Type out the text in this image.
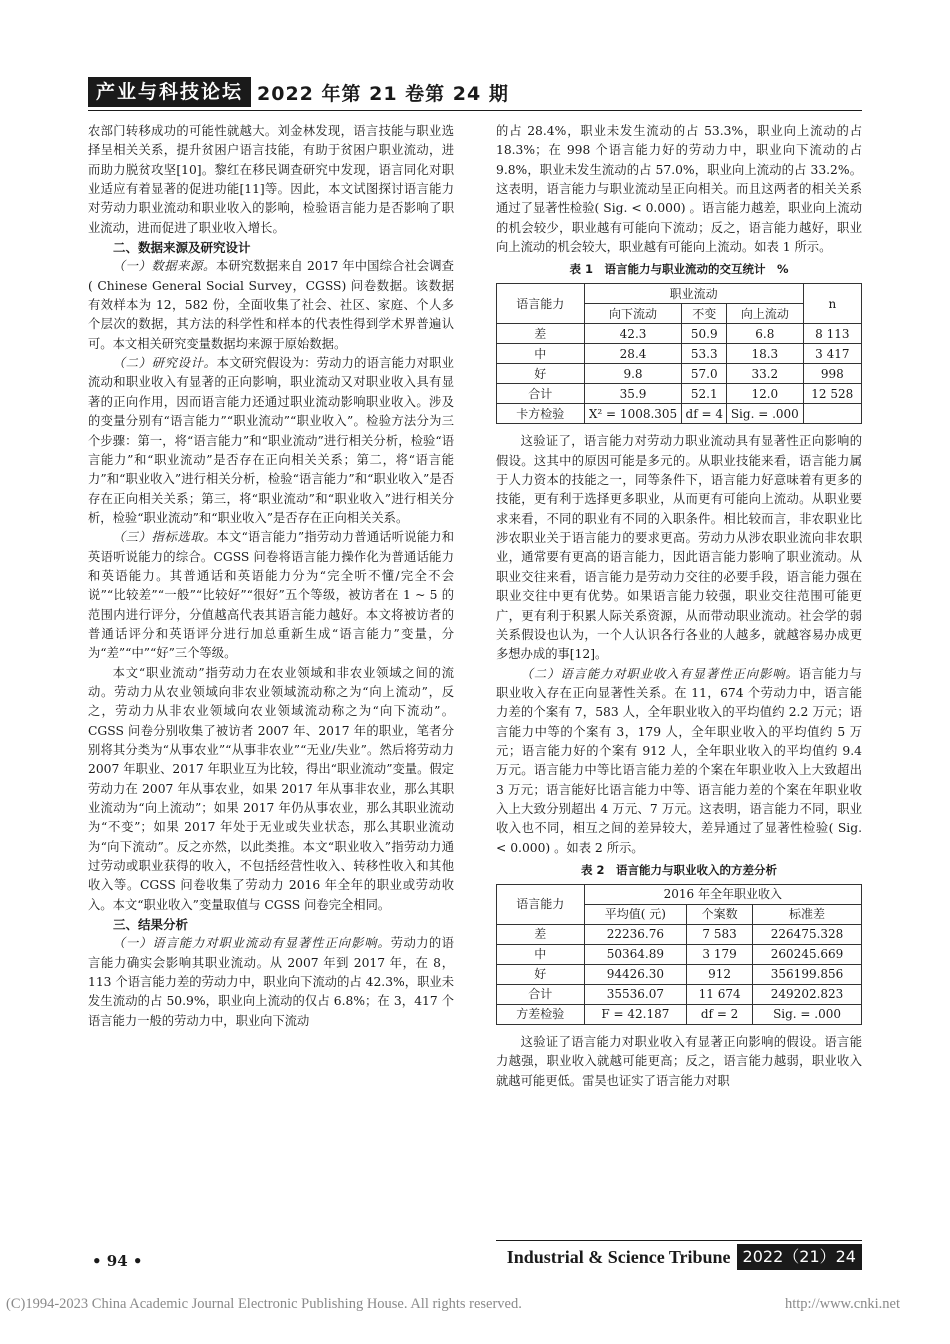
产业与科技论坛 2022 年第 21 卷第 24 期

农部门转移成功的可能性就越大。刘金林发现，语言技能与职业选择呈相关关系，提升贫困户语言技能，有助于贫困户职业流动，进而助力脱贫攻坚[10]。黎红在移民调查研究中发现，语言同化对职业适应有着显著的促进功能[11]等。因此，本文试图探讨语言能力对劳动力职业流动和职业收入的影响，检验语言能力是否影响了职业流动，进而促进了职业收入增长。

二、数据来源及研究设计

（一）数据来源。本研究数据来自 2017 年中国综合社会调查( Chinese General Social Survey，CGSS) 问卷数据。该数据有效样本为 12，582 份，全面收集了社会、社区、家庭、个人多个层次的数据，其方法的科学性和样本的代表性得到学术界普遍认可。本文相关研究变量数据均来源于原始数据。

（二）研究设计。本文研究假设为：劳动力的语言能力对职业流动和职业收入有显著的正向影响，职业流动又对职业收入具有显著的正向作用，因而语言能力还通过职业流动影响职业收入。涉及的变量分别有“语言能力”“职业流动”“职业收入”。检验方法分为三个步骤：第一，将“语言能力”和“职业流动”进行相关分析，检验“语言能力”和“职业流动”是否存在正向相关关系；第二，将“语言能力”和“职业收入”进行相关分析，检验“语言能力”和“职业收入”是否存在正向相关关系；第三，将“职业流动”和“职业收入”进行相关分析，检验“职业流动”和“职业收入”是否存在正向相关关系。

（三）指标选取。本文“语言能力”指劳动力普通话听说能力和英语听说能力的综合。CGSS 问卷将语言能力操作化为普通话能力和英语能力。其普通话和英语能力分为“完全听不懂/完全不会说”“比较差”“一般”“比较好”“很好”五个等级，被访者在 1 ~ 5 的范围内进行评分，分值越高代表其语言能力越好。本文将被访者的普通话评分和英语评分进行加总重新生成“语言能力”变量，分为“差”“中”“好”三个等级。

本文“职业流动”指劳动力在农业领域和非农业领域之间的流动。劳动力从农业领域向非农业领域流动称之为“向上流动”，反之，劳动力从非农业领域向农业领域流动称之为“向下流动”。CGSS 问卷分别收集了被访者 2007 年、2017 年的职业，笔者分别将其分类为“从事农业”“从事非农业”“无业/失业”。然后将劳动力 2007 年职业、2017 年职业互为比较，得出“职业流动”变量。假定劳动力在 2007 年从事农业，如果 2017 年从事非农业，那么其职业流动为“向上流动”；如果 2017 年仍从事农业，那么其职业流动为“不变”；如果 2017 年处于无业或失业状态，那么其职业流动为“向下流动”。反之亦然，以此类推。本文“职业收入”指劳动力通过劳动或职业获得的收入，不包括经营性收入、转移性收入和其他收入等。CGSS 问卷收集了劳动力 2016 年全年的职业或劳动收入。本文“职业收入”变量取值与 CGSS 问卷完全相同。

三、结果分析

（一）语言能力对职业流动有显著性正向影响。劳动力的语言能力确实会影响其职业流动。从 2007 年到 2017 年，在 8，113 个语言能力差的劳动力中，职业向下流动的占 42.3%，职业未发生流动的占 50.9%，职业向上流动的仅占 6.8%；在 3，417 个语言能力一般的劳动力中，职业向下流动

的占 28.4%，职业未发生流动的占 53.3%，职业向上流动的占 18.3%；在 998 个语言能力好的劳动力中，职业向下流动的占 9.8%，职业未发生流动的占 57.0%，职业向上流动的占 33.2%。这表明，语言能力与职业流动呈正向相关。而且这两者的相关关系通过了显著性检验( Sig. < 0.000) 。语言能力越差，职业向上流动的机会较少，职业越有可能向下流动；反之，语言能力越好，职业向上流动的机会较大，职业越有可能向上流动。如表 1 所示。

表 1　语言能力与职业流动的交互统计　%
语言能力	职业流动			n
	向下流动	不变	向上流动	
差	42.3	50.9	6.8	8 113
中	28.4	53.3	18.3	3 417
好	9.8	57.0	33.2	998
合计	35.9	52.1	12.0	12 528
卡方检验	X² = 1008.305	df = 4	Sig. = .000	

这验证了，语言能力对劳动力职业流动具有显著性正向影响的假设。这其中的原因可能是多元的。从职业技能来看，语言能力属于人力资本的技能之一，同等条件下，语言能力好意味着有更多的技能，更有利于选择更多职业，从而更有可能向上流动。从职业要求来看，不同的职业有不同的入职条件。相比较而言，非农职业比涉农职业关于语言能力的要求更高。劳动力从涉农职业流向非农职业，通常要有更高的语言能力，因此语言能力影响了职业流动。从职业交往来看，语言能力是劳动力交往的必要手段，语言能力强在职业交往中更有优势。如果语言能力较强，职业交往范围可能更广，更有利于积累人际关系资源，从而带动职业流动。社会学的弱关系假设也认为，一个人认识各行各业的人越多，就越容易办成更多想办成的事[12]。

（二）语言能力对职业收入有显著性正向影响。语言能力与职业收入存在正向显著性关系。在 11，674 个劳动力中，语言能力差的个案有 7，583 人，全年职业收入的平均值约 2.2 万元；语言能力中等的个案有 3，179 人，全年职业收入的平均值约 5 万元；语言能力好的个案有 912 人，全年职业收入的平均值约 9.4 万元。语言能力中等比语言能力差的个案在年职业收入上大致超出 3 万元；语言能好比语言能力中等、语言能力差的个案在年职业收入上大致分别超出 4 万元、7 万元。这表明，语言能力不同，职业收入也不同，相互之间的差异较大，差异通过了显著性检验( Sig. < 0.000) 。如表 2 所示。

表 2　语言能力与职业收入的方差分析
语言能力	2016 年全年职业收入		
	平均值( 元)	个案数	标准差
差	22236.76	7 583	226475.328
中	50364.89	3 179	260245.669
好	94426.30	912	356199.856
合计	35536.07	11 674	249202.823
方差检验	F = 42.187	df = 2	Sig. = .000

这验证了语言能力对职业收入有显著正向影响的假设。语言能力越强，职业收入就越可能更高；反之，语言能力越弱，职业收入就越可能更低。雷昊也证实了语言能力对职

• 94 •	Industrial & Science Tribune 2022（21）24
(C)1994-2023 China Academic Journal Electronic Publishing House. All rights reserved.	http://www.cnki.net
